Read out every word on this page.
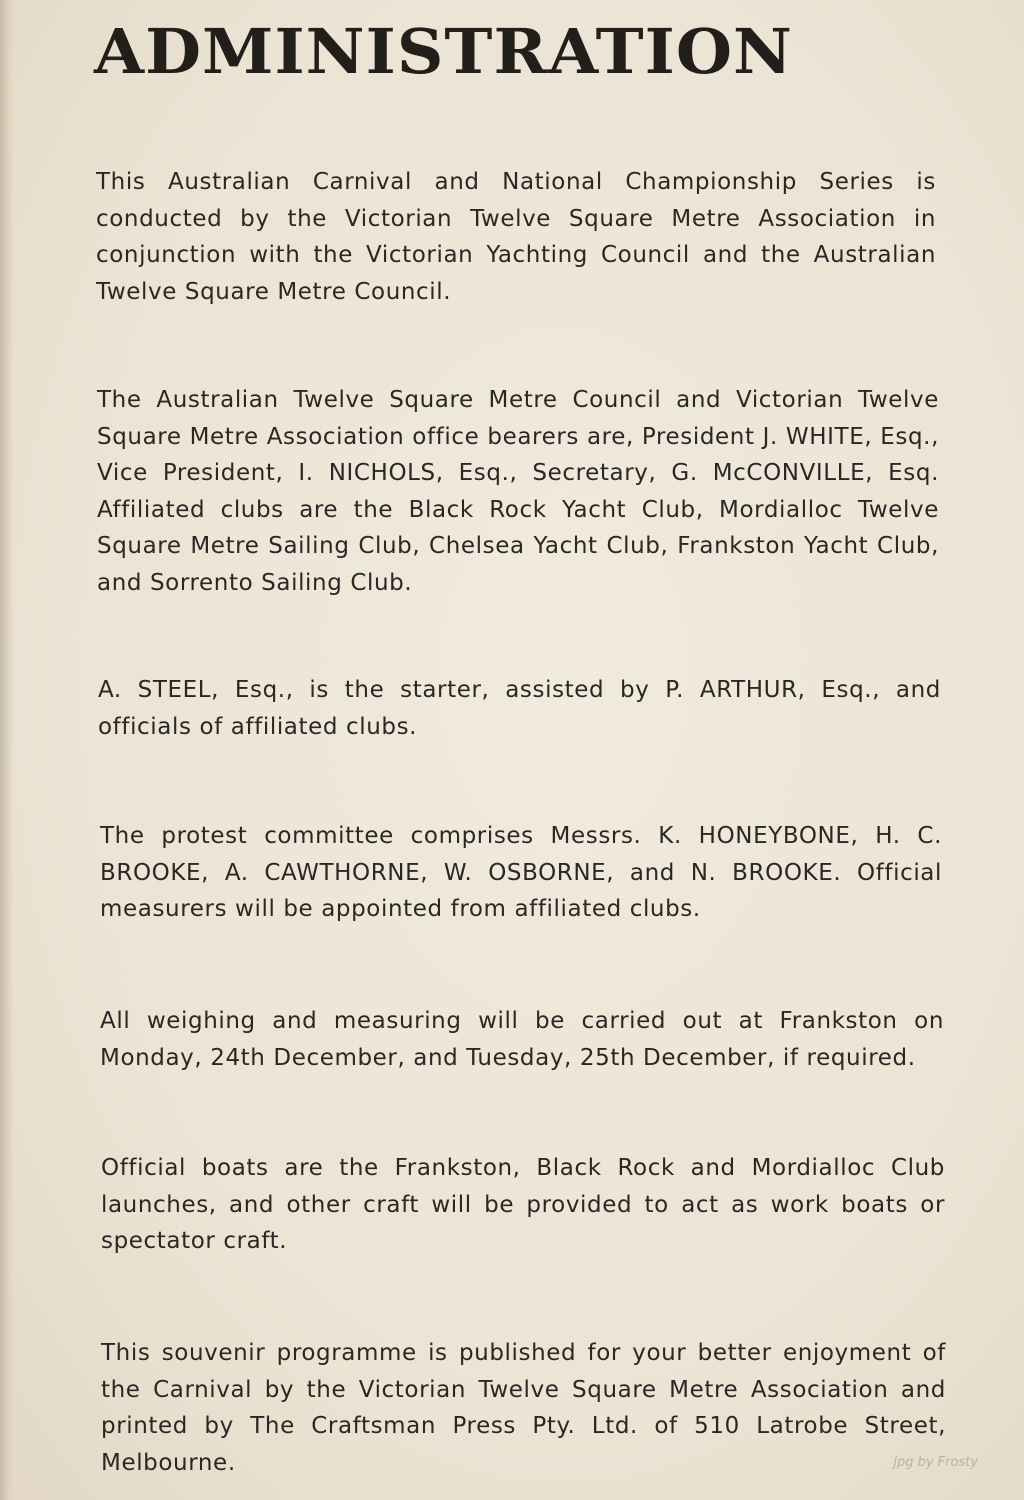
ADMINISTRATION

This Australian Carnival and National Championship Series is conducted by the Victorian Twelve Square Metre Association in conjunction with the Victorian Yachting Council and the Australian Twelve Square Metre Council.

The Australian Twelve Square Metre Council and Victorian Twelve Square Metre Association office bearers are, President J. WHITE, Esq., Vice President, I. NICHOLS, Esq., Secretary, G. McCONVILLE, Esq. Affiliated clubs are the Black Rock Yacht Club, Mordialloc Twelve Square Metre Sailing Club, Chelsea Yacht Club, Frankston Yacht Club, and Sorrento Sailing Club.

A. STEEL, Esq., is the starter, assisted by P. ARTHUR, Esq., and officials of affiliated clubs.

The protest committee comprises Messrs. K. HONEYBONE, H. C. BROOKE, A. CAWTHORNE, W. OSBORNE, and N. BROOKE. Official measurers will be appointed from affiliated clubs.

All weighing and measuring will be carried out at Frankston on Monday, 24th December, and Tuesday, 25th December, if required.

Official boats are the Frankston, Black Rock and Mordialloc Club launches, and other craft will be provided to act as work boats or spectator craft.

This souvenir programme is published for your better enjoyment of the Carnival by the Victorian Twelve Square Metre Association and printed by The Craftsman Press Pty. Ltd. of 510 Latrobe Street, Melbourne.	jpg by Frosty
